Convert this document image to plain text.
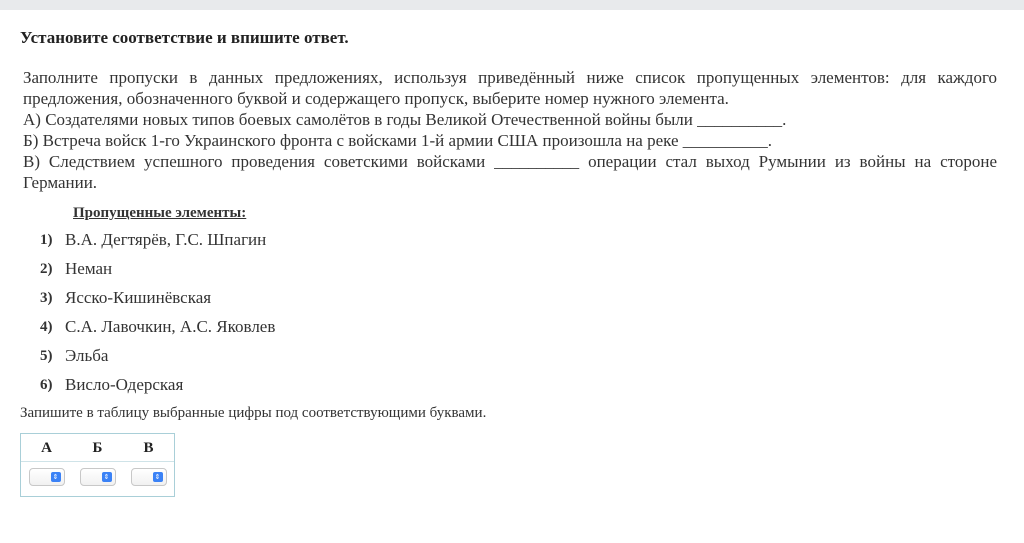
Установите соответствие и впишите ответ.

Заполните пропуски в данных предложениях, используя приведённый ниже список пропущенных элементов: для каждого предложения, обозначенного буквой и содержащего пропуск, выберите номер нужного элемента.

А) Создателями новых типов боевых самолётов в годы Великой Отечественной войны были __________.

Б) Встреча войск 1-го Украинского фронта с войсками 1-й армии США произошла на реке __________.

В) Следствием успешного проведения советскими войсками __________ операции стал выход Румынии из войны на стороне Германии.

Пропущенные элементы:
1) В.А. Дегтярёв, Г.С. Шпагин
2) Неман
3) Ясско-Кишинёвская
4) С.А. Лавочкин, А.С. Яковлев
5) Эльба
6) Висло-Одерская
Запишите в таблицу выбранные цифры под соответствующими буквами.
А	Б	В
⇕	⇕	⇕
